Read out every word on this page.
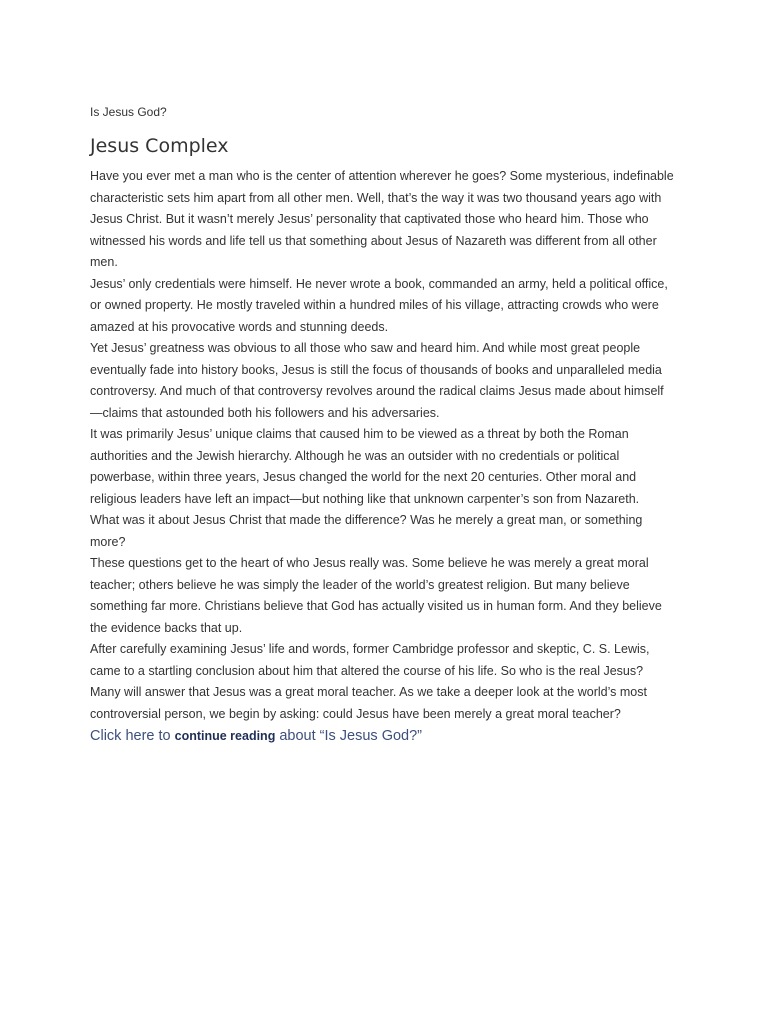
Is Jesus God?
Jesus Complex

Have you ever met a man who is the center of attention wherever he goes? Some mysterious, indefinable characteristic sets him apart from all other men. Well, that’s the way it was two thousand years ago with Jesus Christ. But it wasn’t merely Jesus’ personality that captivated those who heard him. Those who witnessed his words and life tell us that something about Jesus of Nazareth was different from all other men.

Jesus’ only credentials were himself. He never wrote a book, commanded an army, held a political office, or owned property. He mostly traveled within a hundred miles of his village, attracting crowds who were amazed at his provocative words and stunning deeds.

Yet Jesus’ greatness was obvious to all those who saw and heard him. And while most great people eventually fade into history books, Jesus is still the focus of thousands of books and unparalleled media controversy. And much of that controversy revolves around the radical claims Jesus made about himself—claims that astounded both his followers and his adversaries.

It was primarily Jesus’ unique claims that caused him to be viewed as a threat by both the Roman authorities and the Jewish hierarchy. Although he was an outsider with no credentials or political powerbase, within three years, Jesus changed the world for the next 20 centuries. Other moral and religious leaders have left an impact—but nothing like that unknown carpenter’s son from Nazareth.

What was it about Jesus Christ that made the difference? Was he merely a great man, or something more?

These questions get to the heart of who Jesus really was. Some believe he was merely a great moral teacher; others believe he was simply the leader of the world’s greatest religion. But many believe something far more. Christians believe that God has actually visited us in human form. And they believe the evidence backs that up.

After carefully examining Jesus’ life and words, former Cambridge professor and skeptic, C. S. Lewis, came to a startling conclusion about him that altered the course of his life. So who is the real Jesus? Many will answer that Jesus was a great moral teacher. As we take a deeper look at the world’s most controversial person, we begin by asking: could Jesus have been merely a great moral teacher?

Click here to continue reading about “Is Jesus God?”
